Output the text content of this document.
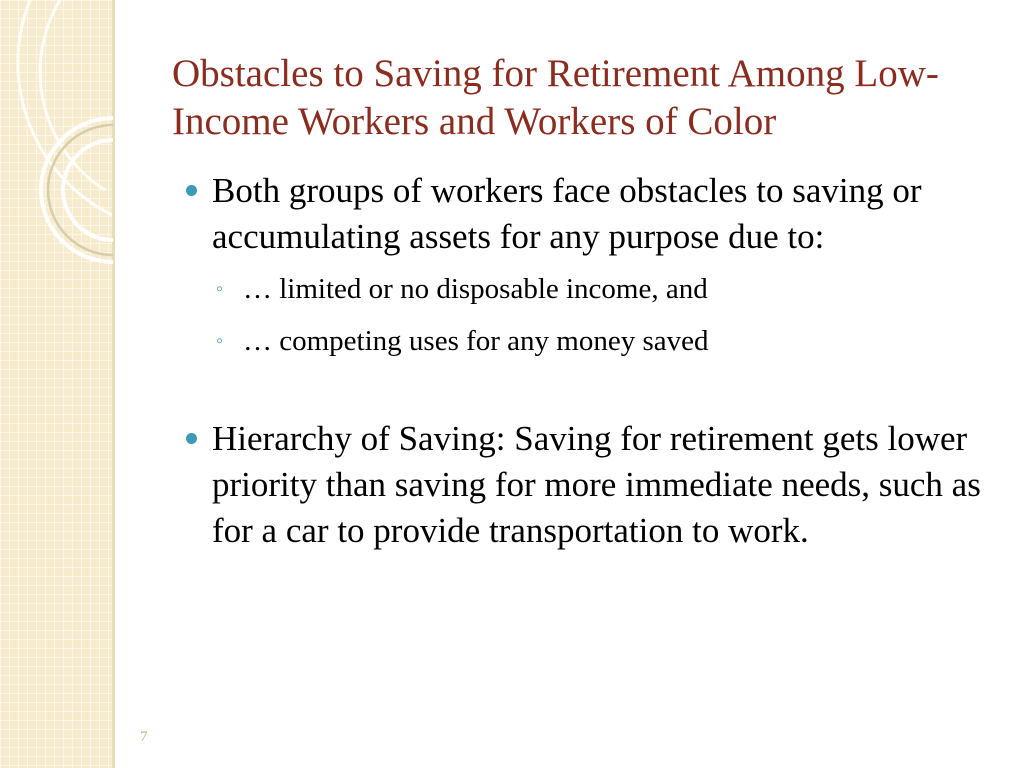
Obstacles to Saving for Retirement Among Low-Income Workers and Workers of Color
Both groups of workers face obstacles to saving or accumulating assets for any purpose due to:
◦ … limited or no disposable income, and
◦ … competing uses for any money saved
Hierarchy of Saving: Saving for retirement gets lower priority than saving for more immediate needs, such as for a car to provide transportation to work.
7
